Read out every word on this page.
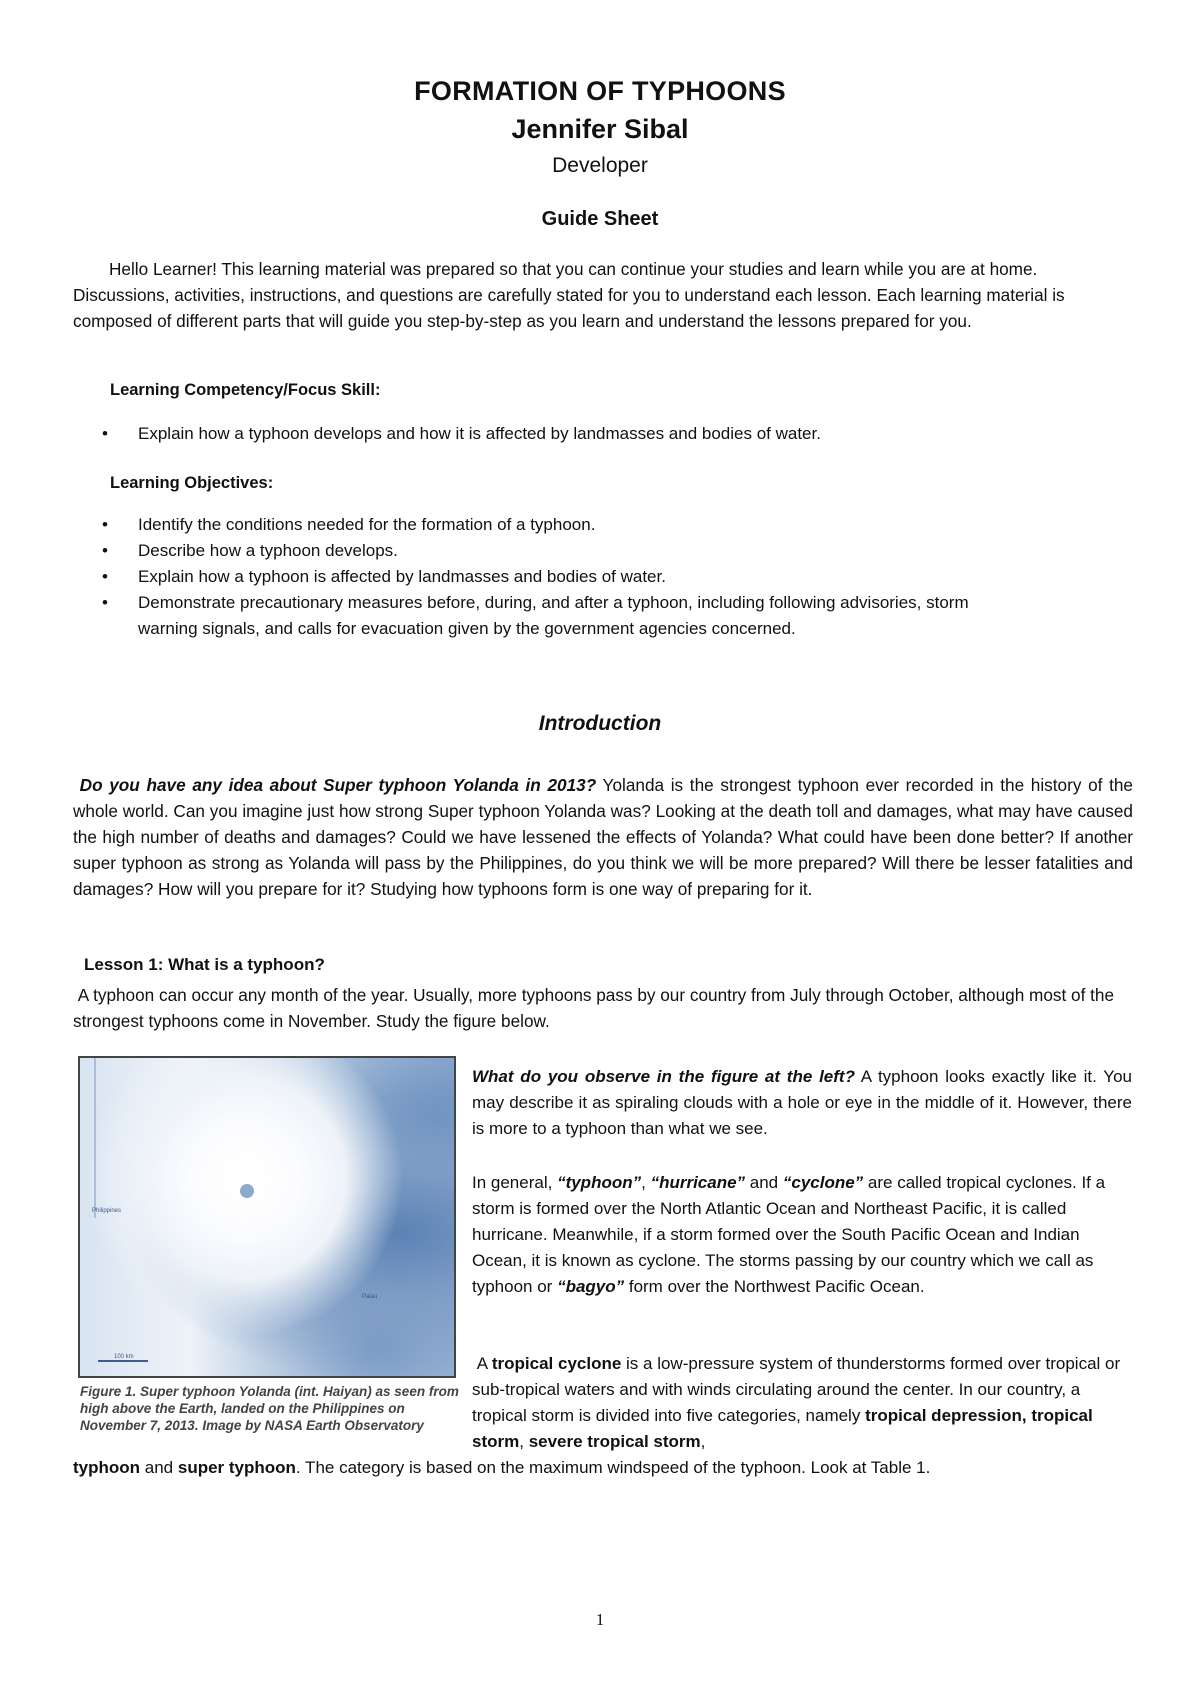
FORMATION OF TYPHOONS
Jennifer Sibal
Developer
Guide Sheet
Hello Learner! This learning material was prepared so that you can continue your studies and learn while you are at home. Discussions, activities, instructions, and questions are carefully stated for you to understand each lesson. Each learning material is composed of different parts that will guide you step-by-step as you learn and understand the lessons prepared for you.
Learning Competency/Focus Skill:
• Explain how a typhoon develops and how it is affected by landmasses and bodies of water.
Learning Objectives:
• Identify the conditions needed for the formation of a typhoon.
• Describe how a typhoon develops.
• Explain how a typhoon is affected by landmasses and bodies of water.
• Demonstrate precautionary measures before, during, and after a typhoon, including following advisories, storm warning signals, and calls for evacuation given by the government agencies concerned.
Introduction
Do you have any idea about Super typhoon Yolanda in 2013? Yolanda is the strongest typhoon ever recorded in the history of the whole world. Can you imagine just how strong Super typhoon Yolanda was? Looking at the death toll and damages, what may have caused the high number of deaths and damages? Could we have lessened the effects of Yolanda? What could have been done better? If another super typhoon as strong as Yolanda will pass by the Philippines, do you think we will be more prepared? Will there be lesser fatalities and damages? How will you prepare for it? Studying how typhoons form is one way of preparing for it.
Lesson 1: What is a typhoon?
A typhoon can occur any month of the year. Usually, more typhoons pass by our country from July through October, although most of the strongest typhoons come in November. Study the figure below.
Philippines
Palau
100 km
Figure 1. Super typhoon Yolanda (int. Haiyan) as seen from high above the Earth, landed on the Philippines on November 7, 2013. Image by NASA Earth Observatory
What do you observe in the figure at the left? A typhoon looks exactly like it. You may describe it as spiraling clouds with a hole or eye in the middle of it. However, there is more to a typhoon than what we see.
In general, “typhoon”, “hurricane” and “cyclone” are called tropical cyclones. If a storm is formed over the North Atlantic Ocean and Northeast Pacific, it is called hurricane. Meanwhile, if a storm formed over the South Pacific Ocean and Indian Ocean, it is known as cyclone. The storms passing by our country which we call as typhoon or “bagyo” form over the Northwest Pacific Ocean.
A tropical cyclone is a low-pressure system of thunderstorms formed over tropical or sub-tropical waters and with winds circulating around the center. In our country, a tropical storm is divided into five categories, namely tropical depression, tropical storm, severe tropical storm,
typhoon and super typhoon. The category is based on the maximum windspeed of the typhoon. Look at Table 1.
1
